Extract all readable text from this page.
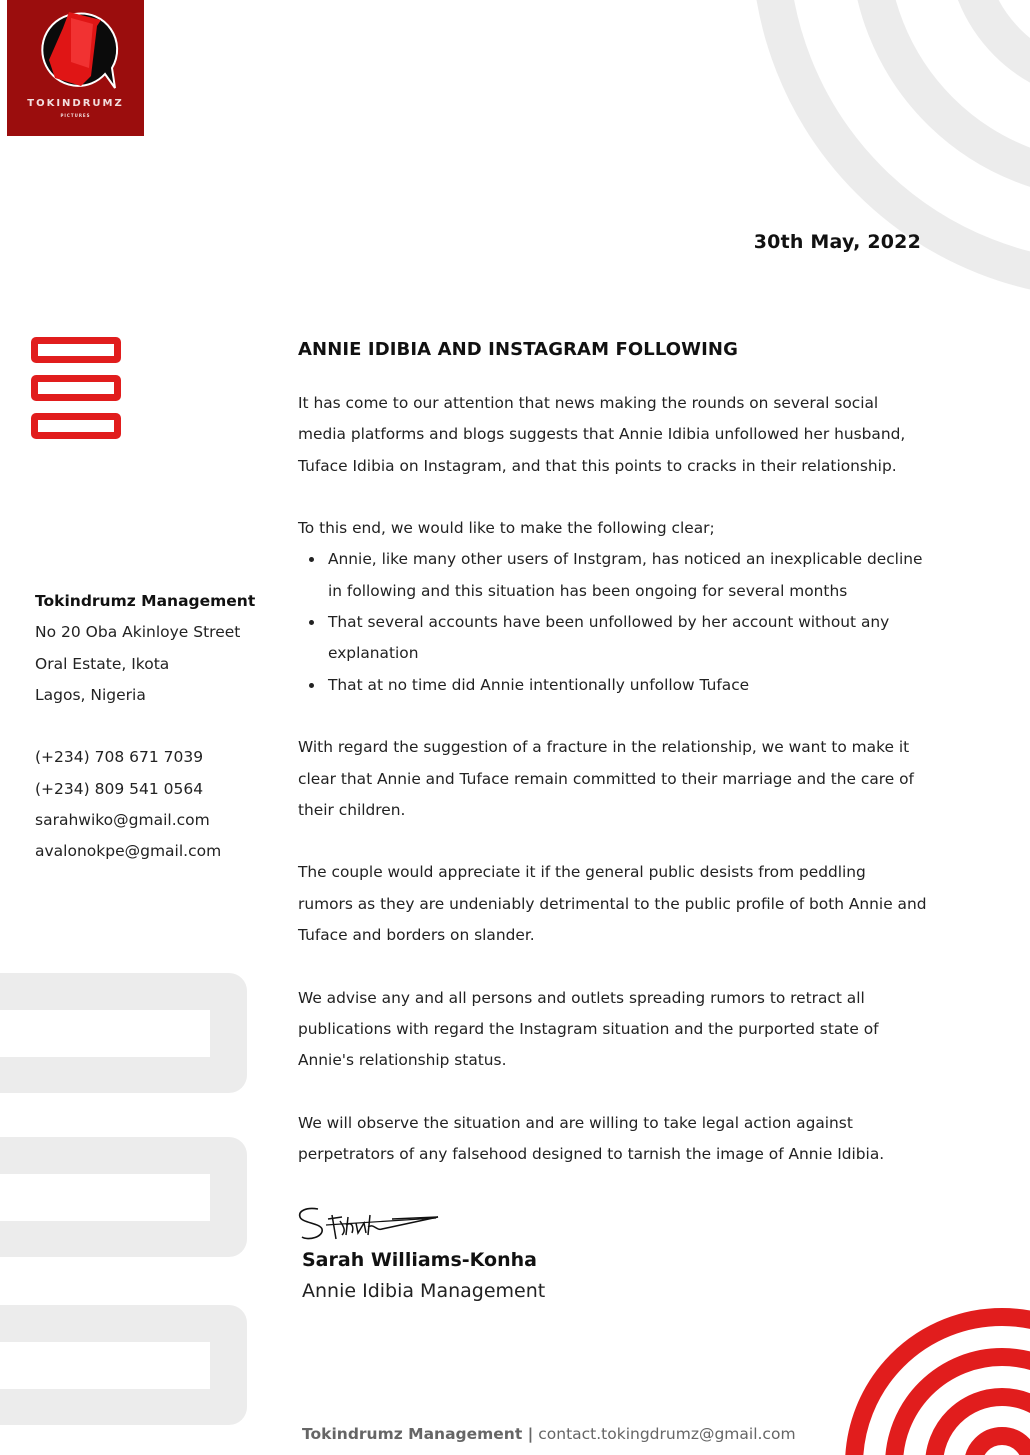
TOKINDRUMZ
PICTURES
30th May, 2022
Tokindrumz Management
No 20 Oba Akinloye Street
Oral Estate, Ikota
Lagos, Nigeria
(+234) 708 671 7039
(+234) 809 541 0564
sarahwiko@gmail.com
avalonokpe@gmail.com
ANNIE IDIBIA AND INSTAGRAM FOLLOWING

It has come to our attention that news making the rounds on several social
media platforms and blogs suggests that Annie Idibia unfollowed her husband,
Tuface Idibia on Instagram, and that this points to cracks in their relationship.

To this end, we would like to make the following clear;

Annie, like many other users of Instgram, has noticed an inexplicable decline
in following and this situation has been ongoing for several months
That several accounts have been unfollowed by her account without any
explanation
That at no time did Annie intentionally unfollow Tuface

With regard the suggestion of a fracture in the relationship, we want to make it
clear that Annie and Tuface remain committed to their marriage and the care of
their children.

The couple would appreciate it if the general public desists from peddling
rumors as they are undeniably detrimental to the public profile of both Annie and
Tuface and borders on slander.

We advise any and all persons and outlets spreading rumors to retract all
publications with regard the Instagram situation and the purported state of
Annie's relationship status.

We will observe the situation and are willing to take legal action against
perpetrators of any falsehood designed to tarnish the image of Annie Idibia.

Sarah Williams-Konha
Annie Idibia Management
Tokindrumz Management | contact.tokingdrumz@gmail.com
